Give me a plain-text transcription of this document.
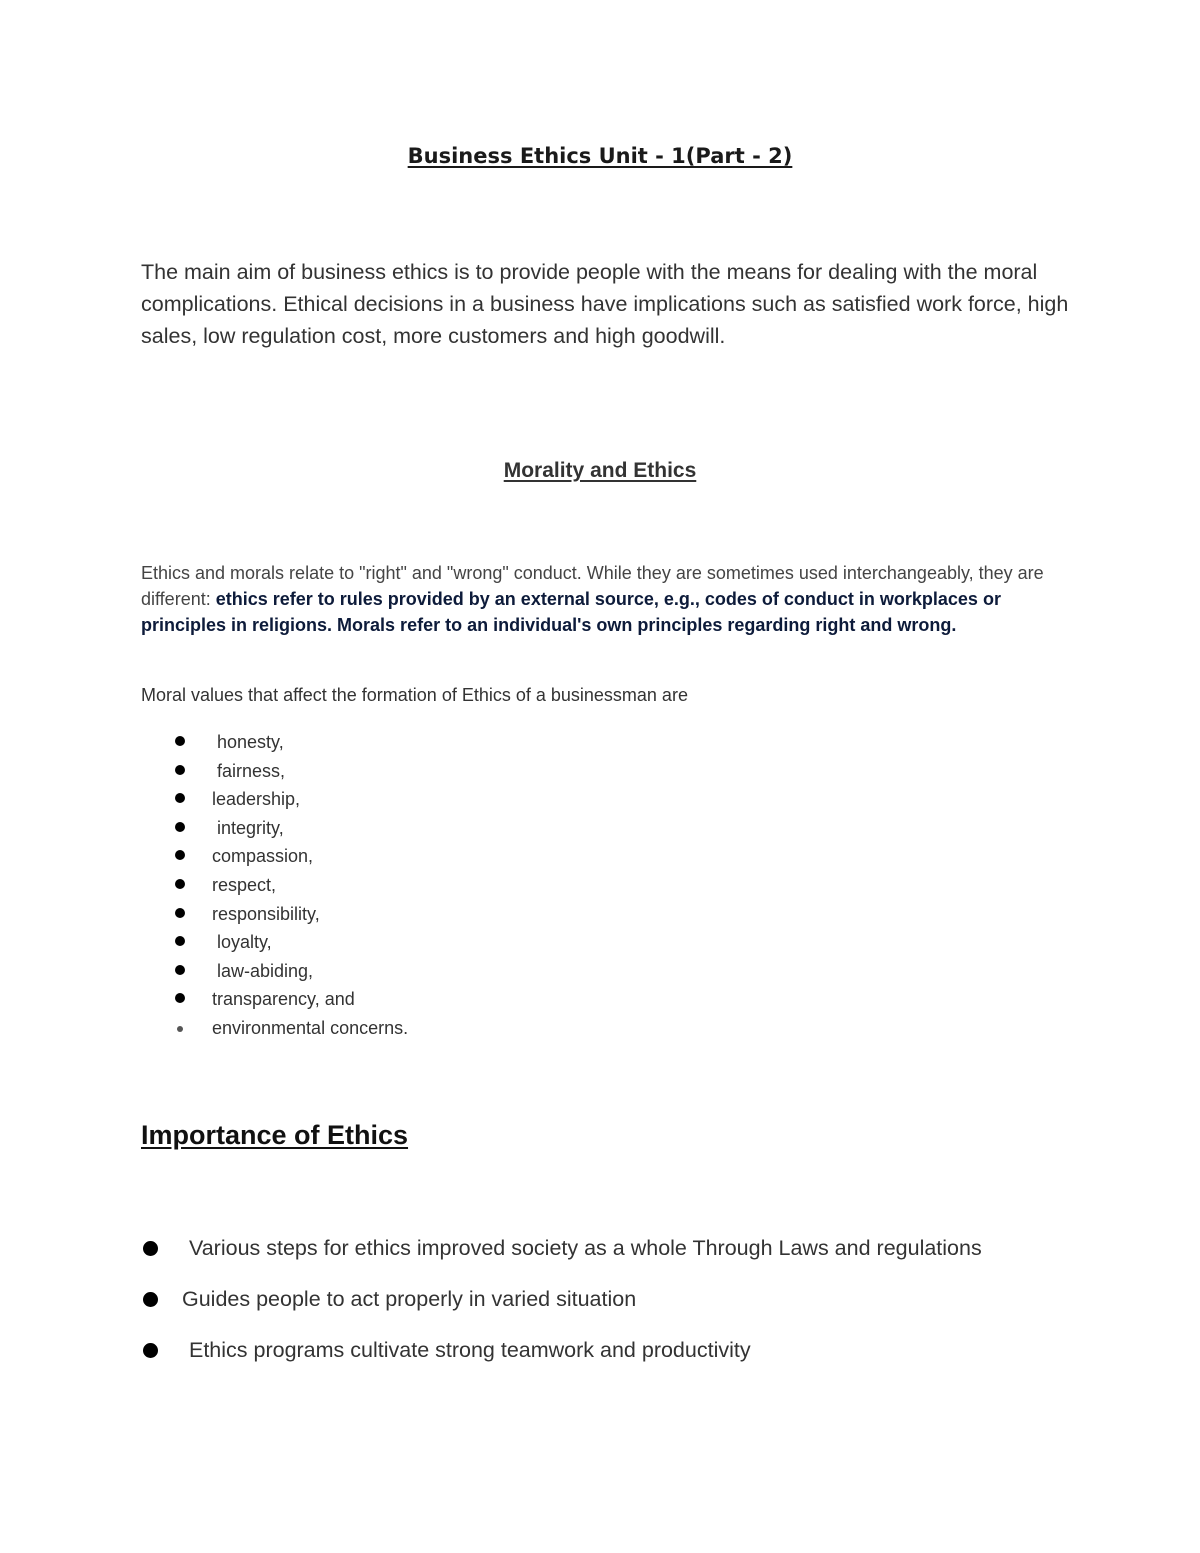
Business Ethics Unit - 1(Part - 2)

The main aim of business ethics is to provide people with the means for dealing with the moral complications. Ethical decisions in a business have implications such as satisfied work force, high sales, low regulation cost, more customers and high goodwill.

Morality and Ethics

Ethics and morals relate to "right" and "wrong" conduct. While they are sometimes used interchangeably, they are different: ethics refer to rules provided by an external source, e.g., codes of conduct in workplaces or principles in religions. Morals refer to an individual's own principles regarding right and wrong.

Moral values that affect the formation of Ethics of a businessman are

honesty,
fairness,
leadership,
integrity,
compassion,
respect,
responsibility,
loyalty,
law-abiding,
transparency, and
environmental concerns.
Importance of Ethics
Various steps for ethics improved society as a whole Through Laws and regulations
Guides people to act properly in varied situation
Ethics programs cultivate strong teamwork and productivity
